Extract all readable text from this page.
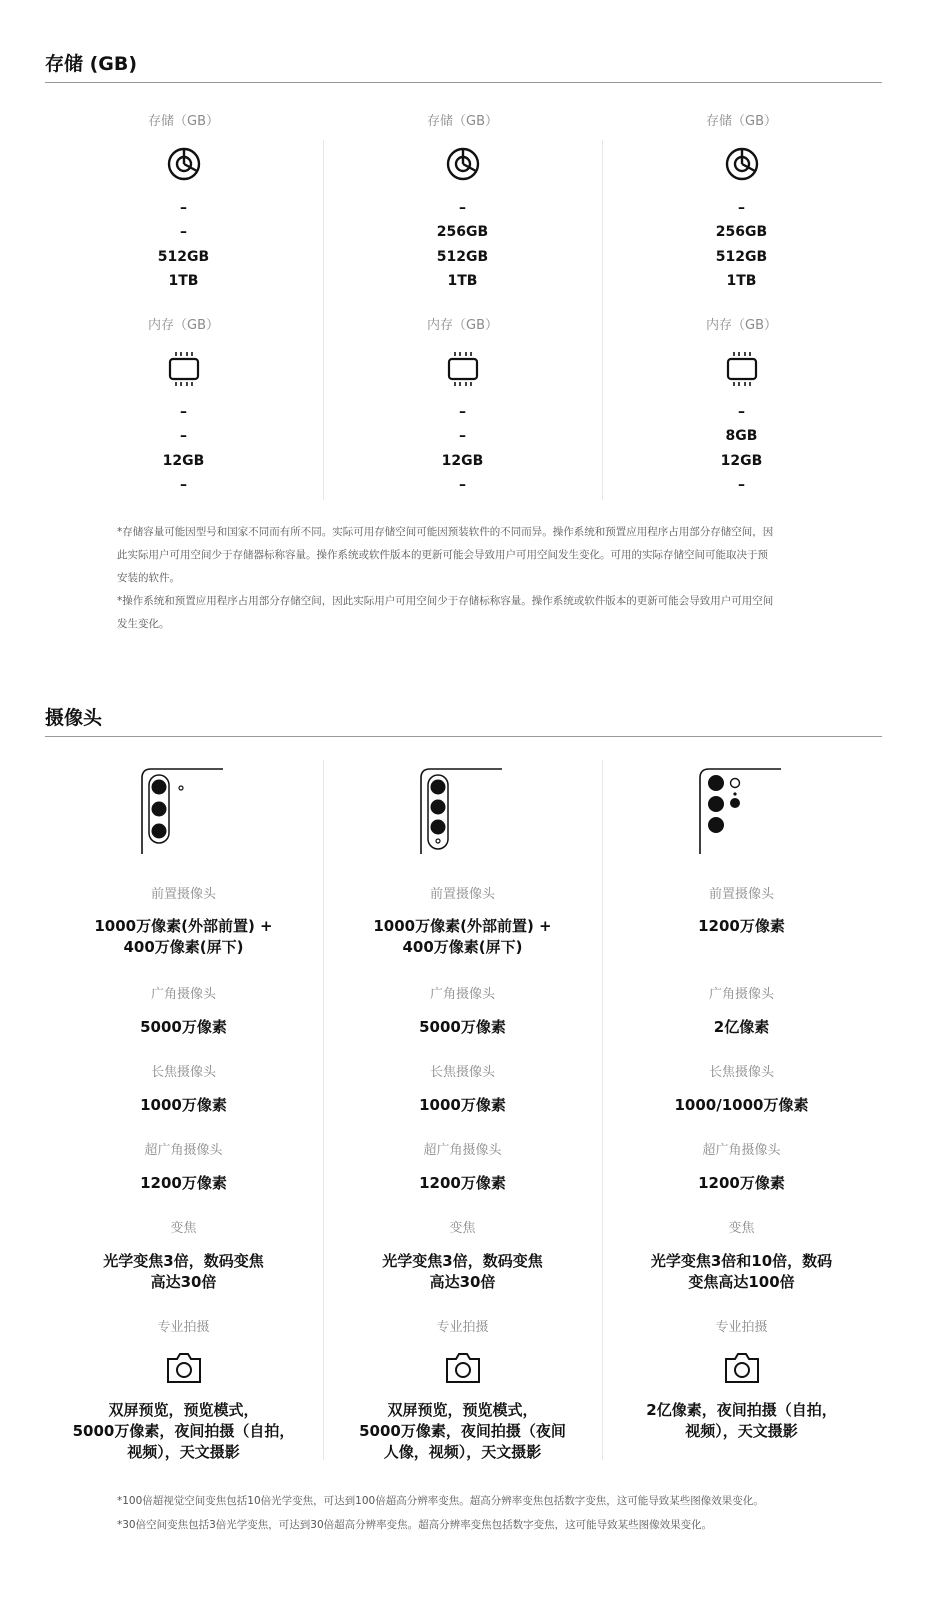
存储 (GB)
存储（GB）
–
–
512GB
1TB
内存（GB）
–
–
12GB
–
存储（GB）
–
256GB
512GB
1TB
内存（GB）
–
–
12GB
–
存储（GB）
–
256GB
512GB
1TB
内存（GB）
–
8GB
12GB
–
*存储容量可能因型号和国家不同而有所不同。实际可用存储空间可能因预装软件的不同而异。操作系统和预置应用程序占用部分存储空间，因此实际用户可用空间少于存储器标称容量。操作系统或软件版本的更新可能会导致用户可用空间发生变化。可用的实际存储空间可能取决于预安装的软件。
*操作系统和预置应用程序占用部分存储空间，因此实际用户可用空间少于存储标称容量。操作系统或软件版本的更新可能会导致用户可用空间发生变化。
摄像头
前置摄像头
1000万像素(外部前置) +
400万像素(屏下)
广角摄像头
5000万像素
长焦摄像头
1000万像素
超广角摄像头
1200万像素
变焦
光学变焦3倍，数码变焦
高达30倍
专业拍摄
双屏预览，预览模式，
5000万像素，夜间拍摄（自拍，
视频），天文摄影
前置摄像头
1000万像素(外部前置) +
400万像素(屏下)
广角摄像头
5000万像素
长焦摄像头
1000万像素
超广角摄像头
1200万像素
变焦
光学变焦3倍，数码变焦
高达30倍
专业拍摄
双屏预览，预览模式，
5000万像素，夜间拍摄（夜间
人像，视频），天文摄影
前置摄像头
1200万像素
广角摄像头
2亿像素
长焦摄像头
1000/1000万像素
超广角摄像头
1200万像素
变焦
光学变焦3倍和10倍，数码
变焦高达100倍
专业拍摄
2亿像素，夜间拍摄（自拍，
视频），天文摄影
*100倍超视觉空间变焦包括10倍光学变焦，可达到100倍超高分辨率变焦。超高分辨率变焦包括数字变焦，这可能导致某些图像效果变化。
*30倍空间变焦包括3倍光学变焦，可达到30倍超高分辨率变焦。超高分辨率变焦包括数字变焦，这可能导致某些图像效果变化。
